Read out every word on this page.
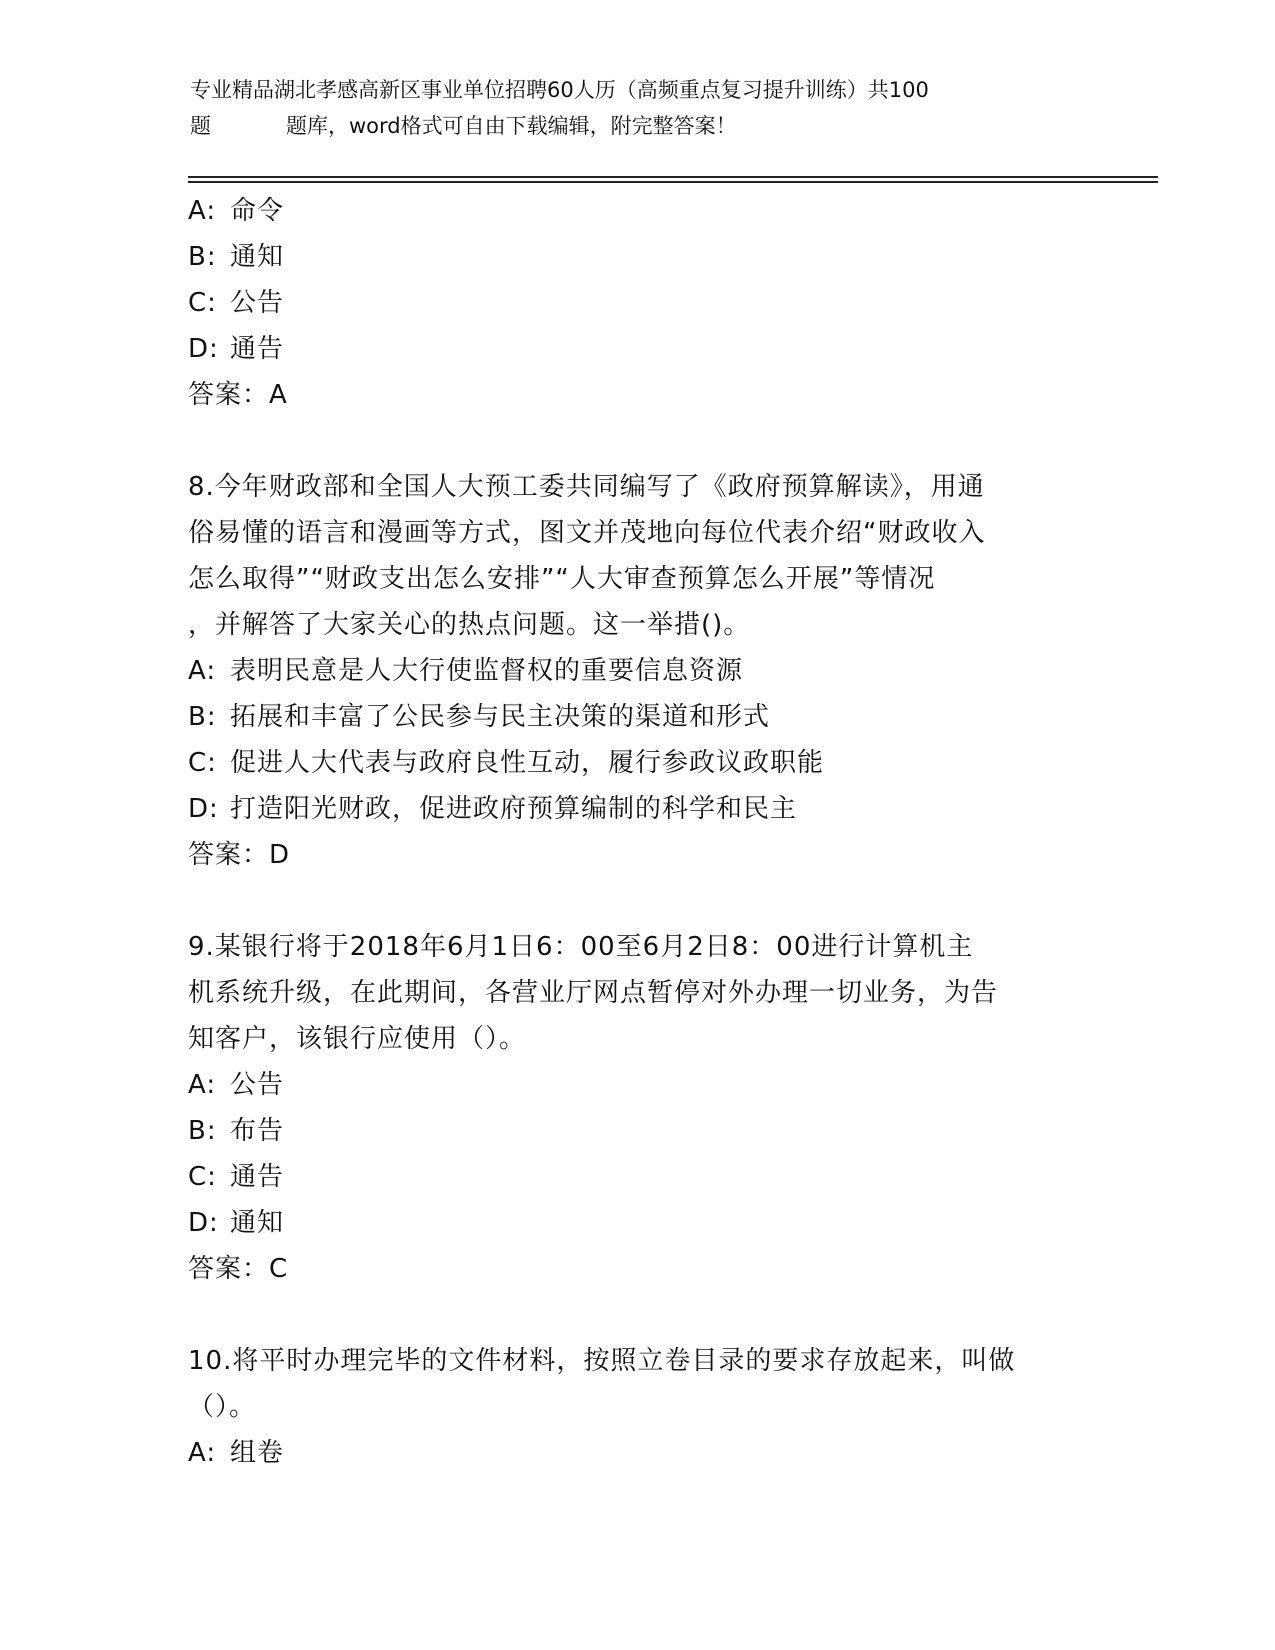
专业精品湖北孝感高新区事业单位招聘60人历（高频重点复习提升训练）共100
题	题库，word格式可自由下载编辑，附完整答案！
A: 命令
B: 通知
C: 公告
D: 通告
答案：A
8.今年财政部和全国人大预工委共同编写了《政府预算解读》，用通
俗易懂的语言和漫画等方式，图文并茂地向每位代表介绍“财政收入
怎么取得”“财政支出怎么安排”“人大审查预算怎么开展”等情况
，并解答了大家关心的热点问题。这一举措()。
A: 表明民意是人大行使监督权的重要信息资源
B: 拓展和丰富了公民参与民主决策的渠道和形式
C: 促进人大代表与政府良性互动，履行参政议政职能
D: 打造阳光财政，促进政府预算编制的科学和民主
答案：D
9.某银行将于2018年6月1日6：00至6月2日8：00进行计算机主
机系统升级，在此期间，各营业厅网点暂停对外办理一切业务，为告
知客户，该银行应使用（）。
A: 公告
B: 布告
C: 通告
D: 通知
答案：C
10.将平时办理完毕的文件材料，按照立卷目录的要求存放起来，叫做
（）。
A: 组卷
